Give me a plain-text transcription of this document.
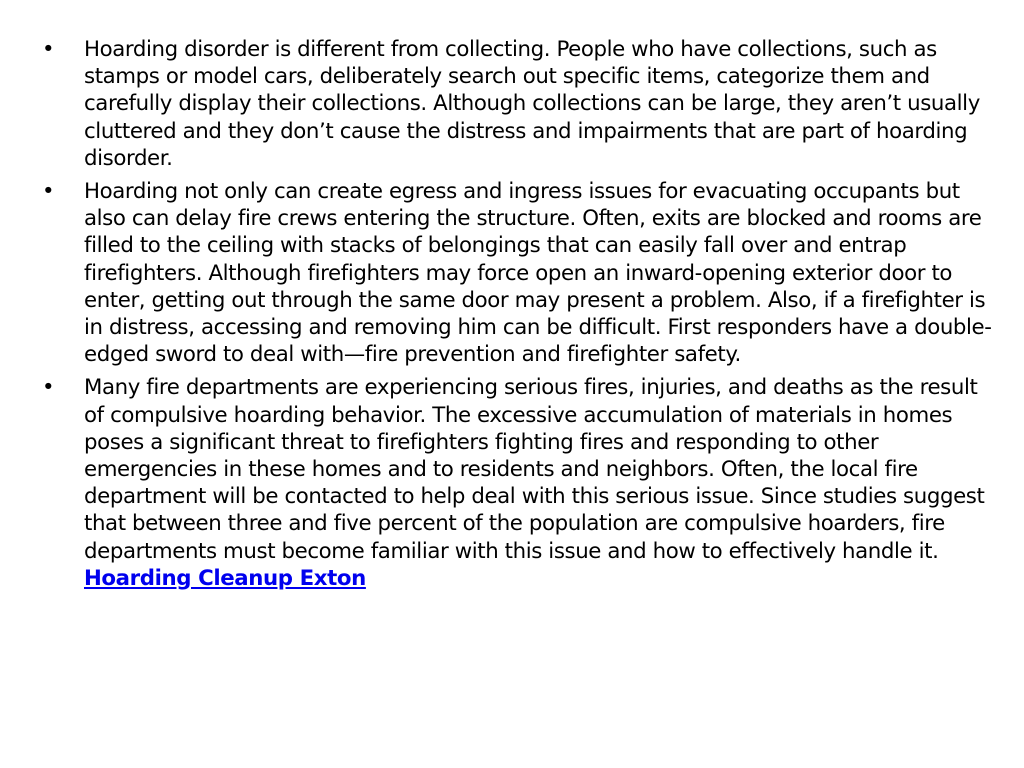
•	Hoarding disorder is different from collecting. People who have collections, such as stamps or model cars, deliberately search out specific items, categorize them and carefully display their collections. Although collections can be large, they aren’t usually cluttered and they don’t cause the distress and impairments that are part of hoarding disorder.
•	Hoarding not only can create egress and ingress issues for evacuating occupants but also can delay fire crews entering the structure. Often, exits are blocked and rooms are filled to the ceiling with stacks of belongings that can easily fall over and entrap firefighters. Although firefighters may force open an inward-opening exterior door to enter, getting out through the same door may present a problem. Also, if a firefighter is in distress, accessing and removing him can be difficult. First responders have a double-edged sword to deal with—fire prevention and firefighter safety.
•	Many fire departments are experiencing serious fires, injuries, and deaths as the result of compulsive hoarding behavior. The excessive accumulation of materials in homes poses a significant threat to firefighters fighting fires and responding to other emergencies in these homes and to residents and neighbors. Often, the local fire department will be contacted to help deal with this serious issue. Since studies suggest that between three and five percent of the population are compulsive hoarders, fire departments must become familiar with this issue and how to effectively handle it. Hoarding Cleanup Exton
